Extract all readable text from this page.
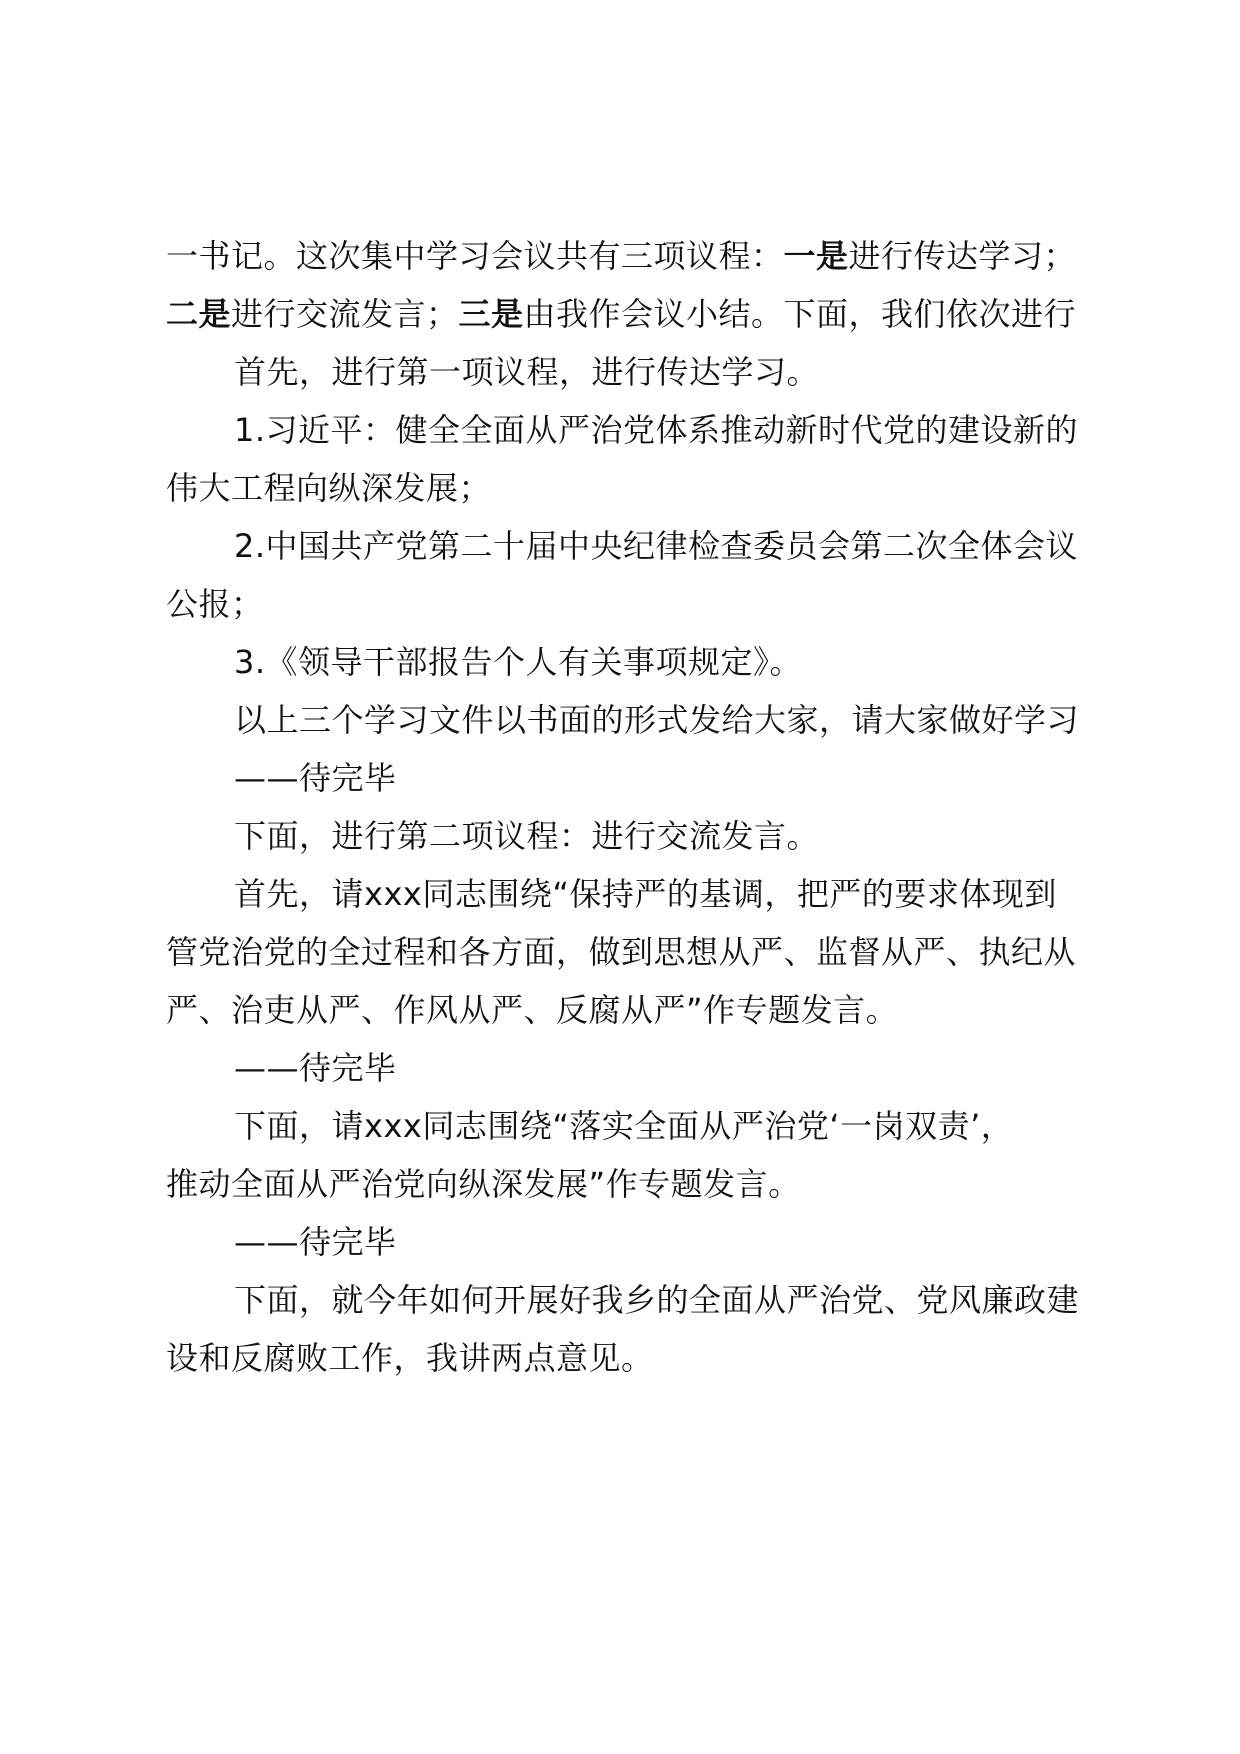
一书记。这次集中学习会议共有三项议程：一是进行传达学习；
二是进行交流发言；三是由我作会议小结。下面，我们依次进行
首先，进行第一项议程，进行传达学习。
1.习近平：健全全面从严治党体系推动新时代党的建设新的
伟大工程向纵深发展；
2.中国共产党第二十届中央纪律检查委员会第二次全体会议
公报；
3.《领导干部报告个人有关事项规定》。
以上三个学习文件以书面的形式发给大家，请大家做好学习
——待完毕
下面，进行第二项议程：进行交流发言。
首先，请xxx同志围绕“保持严的基调，把严的要求体现到
管党治党的全过程和各方面，做到思想从严、监督从严、执纪从
严、治吏从严、作风从严、反腐从严”作专题发言。
——待完毕
下面，请xxx同志围绕“落实全面从严治党‘一岗双责’，
推动全面从严治党向纵深发展”作专题发言。
——待完毕
下面，就今年如何开展好我乡的全面从严治党、党风廉政建
设和反腐败工作，我讲两点意见。
